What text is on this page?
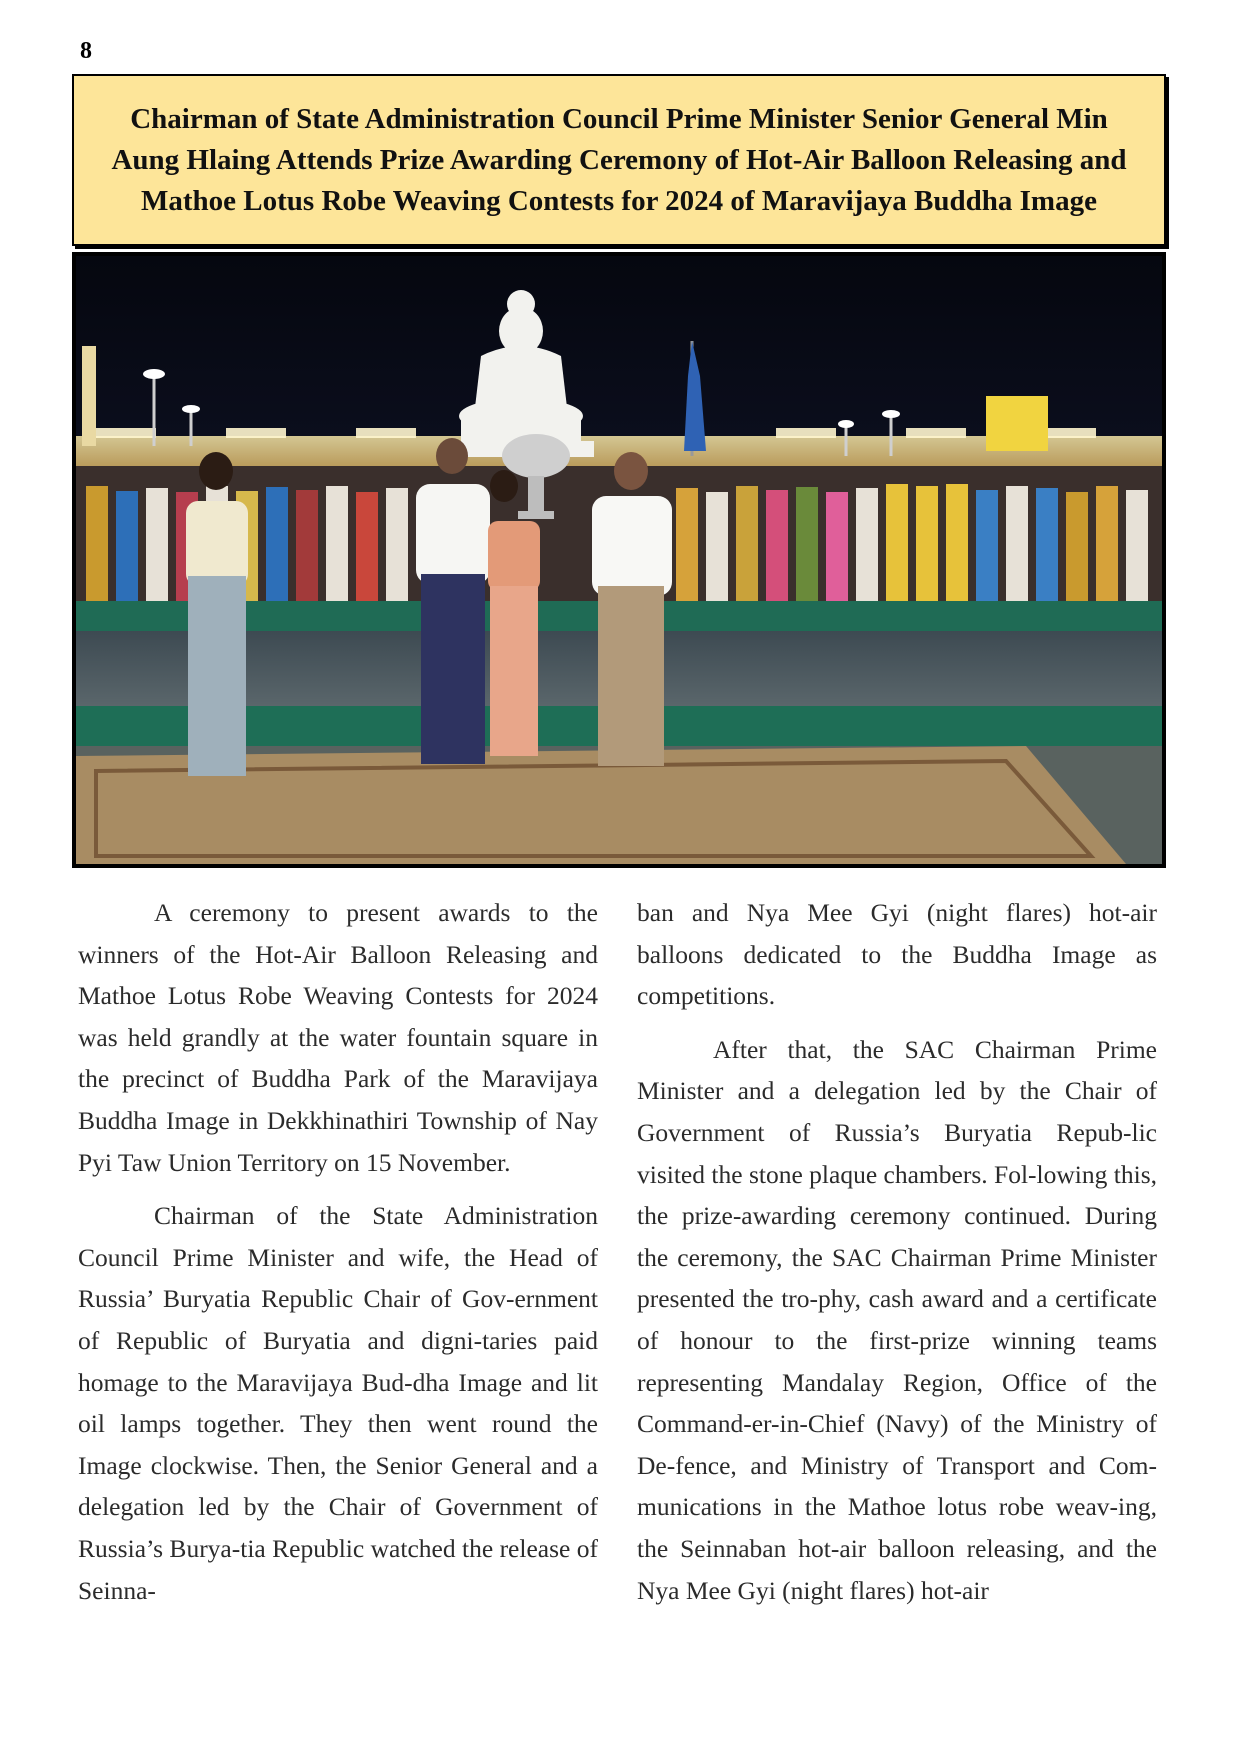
8
Chairman of State Administration Council Prime Minister Senior General Min Aung Hlaing Attends Prize Awarding Ceremony of Hot-Air Balloon Releasing and Mathoe Lotus Robe Weaving Contests for 2024 of Maravijaya Buddha Image

A ceremony to present awards to the winners of the Hot-Air Balloon Releasing and Mathoe Lotus Robe Weaving Contests for 2024 was held grandly at the water fountain square in the precinct of Buddha Park of the Maravijaya Buddha Image in Dekkhinathiri Township of Nay Pyi Taw Union Territory on 15 November.

Chairman of the State Administration Council Prime Minister and wife, the Head of Russia’ Buryatia Republic Chair of Gov-ernment of Republic of Buryatia and digni-taries paid homage to the Maravijaya Bud-dha Image and lit oil lamps together. They then went round the Image clockwise. Then, the Senior General and a delegation led by the Chair of Government of Russia’s Burya-tia Republic watched the release of Seinna-

ban and Nya Mee Gyi (night flares) hot-air balloons dedicated to the Buddha Image as competitions.

After that, the SAC Chairman Prime Minister and a delegation led by the Chair of Government of Russia’s Buryatia Repub-lic visited the stone plaque chambers. Fol-lowing this, the prize-awarding ceremony continued. During the ceremony, the SAC Chairman Prime Minister presented the tro-phy, cash award and a certificate of honour to the first-prize winning teams representing Mandalay Region, Office of the Command-er-in-Chief (Navy) of the Ministry of De-fence, and Ministry of Transport and Com-munications in the Mathoe lotus robe weav-ing, the Seinnaban hot-air balloon releasing, and the Nya Mee Gyi (night flares) hot-air
